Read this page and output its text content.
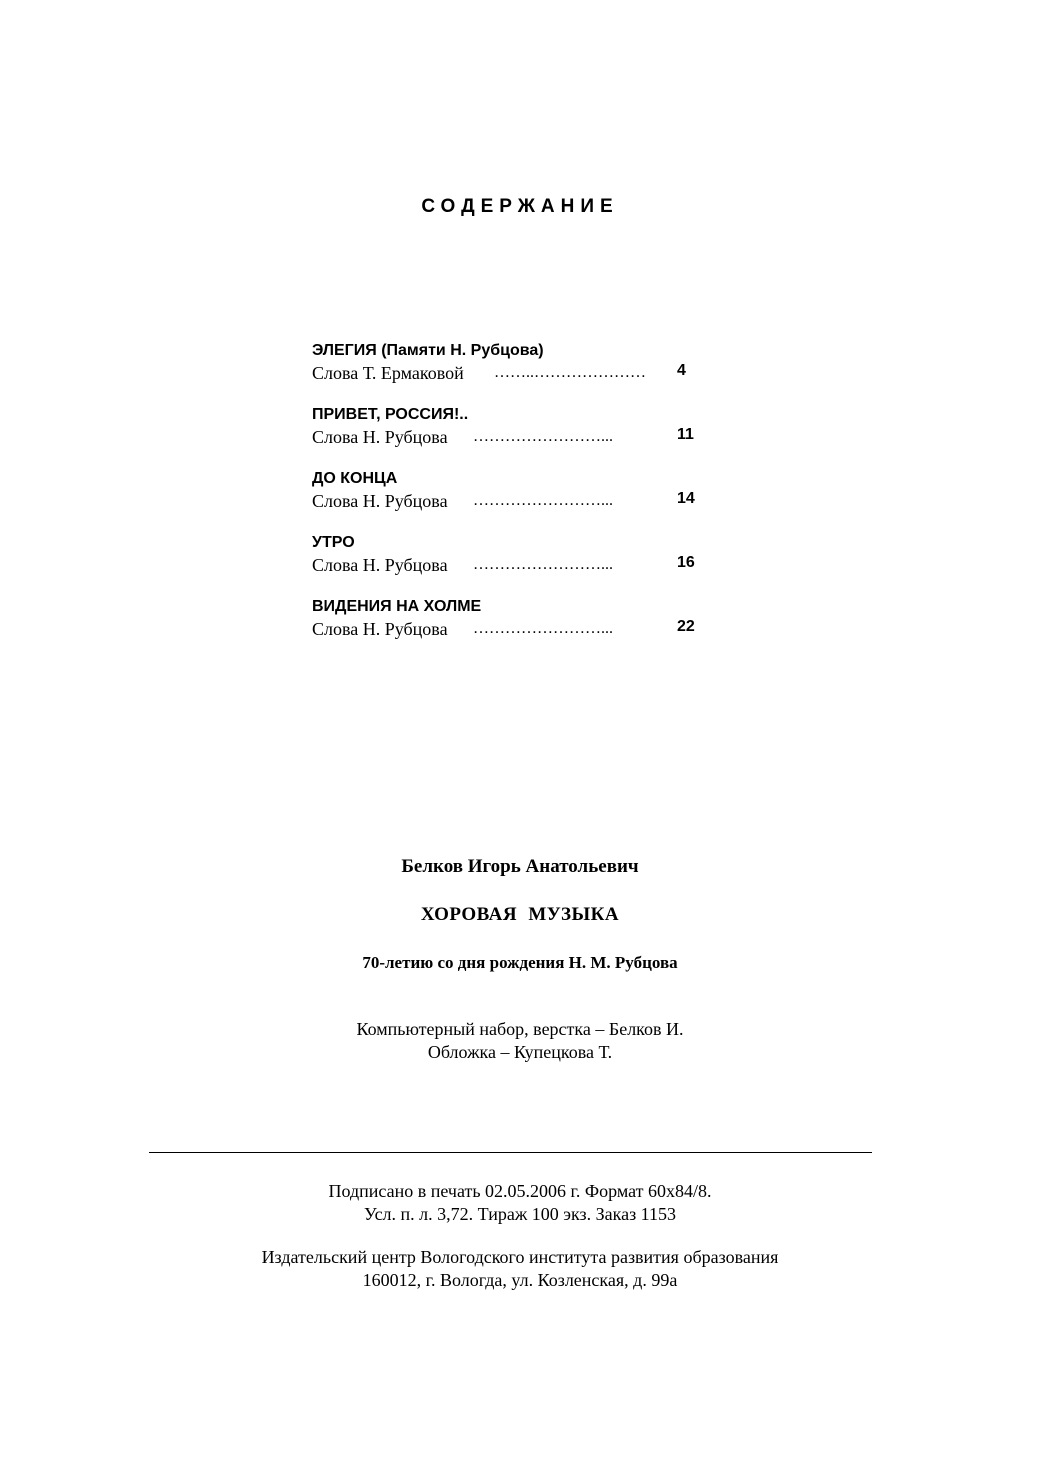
СОДЕРЖАНИЕ
ЭЛЕГИЯ (Памяти Н. Рубцова)
Слова Т. Ермаковой ……..………………… 4
ПРИВЕТ, РОССИЯ!..
Слова Н. Рубцова ……………………...	11
ДО КОНЦА
Слова Н. Рубцова ……………………...	14
УТРО
Слова Н. Рубцова ……………………...	16
ВИДЕНИЯ НА ХОЛМЕ
Слова Н. Рубцова ……………………...	22
Белков Игорь Анатольевич
ХОРОВАЯ МУЗЫКА
70-летию со дня рождения Н. М. Рубцова
Компьютерный набор, верстка – Белков И.
Обложка – Купецкова Т.
Подписано в печать 02.05.2006 г. Формат 60х84/8.
Усл. п. л. 3,72. Тираж 100 экз. Заказ 1153
Издательский центр Вологодского института развития образования
160012, г. Вологда, ул. Козленская, д. 99а
